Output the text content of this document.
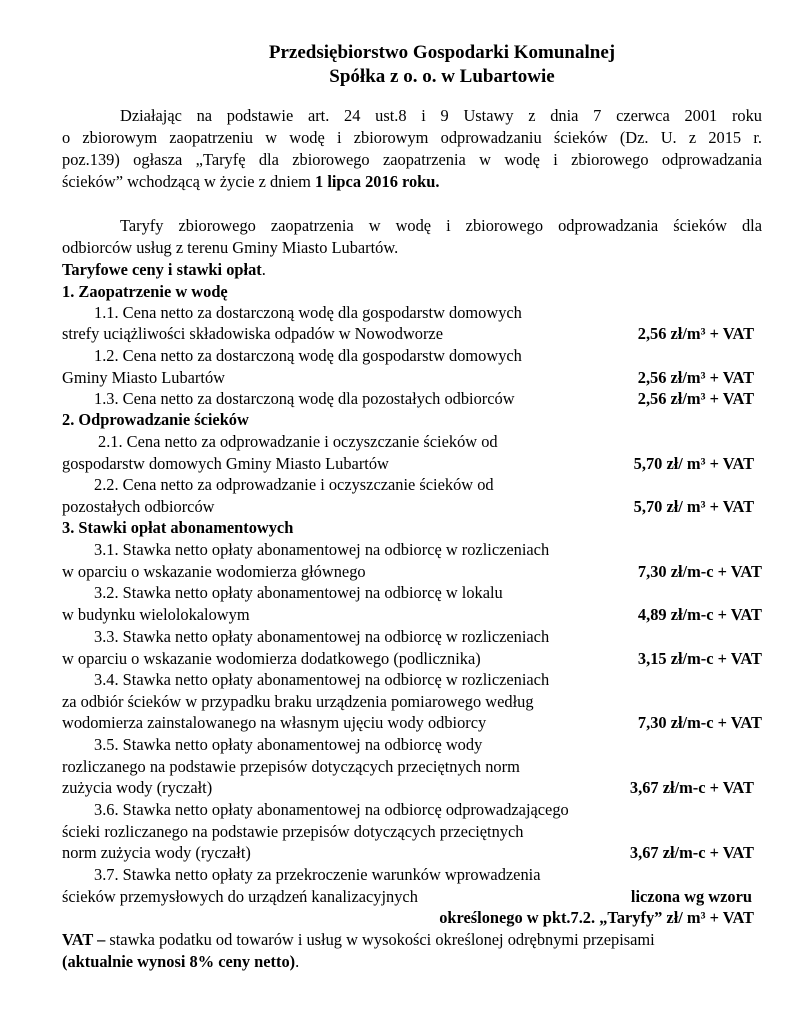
Przedsiębiorstwo Gospodarki Komunalnej
Spółka z o. o. w Lubartowie
Działając na podstawie art. 24 ust.8 i 9 Ustawy z dnia 7 czerwca 2001 roku
o zbiorowym zaopatrzeniu w wodę i zbiorowym odprowadzaniu ścieków (Dz. U. z 2015 r.
poz.139) ogłasza „Taryfę dla zbiorowego zaopatrzenia w wodę i zbiorowego odprowadzania
ścieków” wchodzącą w życie z dniem 1 lipca 2016 roku.
Taryfy zbiorowego zaopatrzenia w wodę i zbiorowego odprowadzania ścieków dla
odbiorców usług z terenu Gminy Miasto Lubartów.
Taryfowe ceny i stawki opłat.
1. Zaopatrzenie w wodę
1.1. Cena netto za dostarczoną wodę dla gospodarstw domowych
strefy uciążliwości składowiska odpadów w Nowodworze	2,56 zł/m³ + VAT
1.2. Cena netto za dostarczoną wodę dla gospodarstw domowych
Gminy Miasto Lubartów	2,56 zł/m³ + VAT
1.3. Cena netto za dostarczoną wodę dla pozostałych odbiorców	2,56 zł/m³ + VAT
2. Odprowadzanie ścieków
2.1. Cena netto za odprowadzanie i oczyszczanie ścieków od
gospodarstw domowych Gminy Miasto Lubartów	5,70 zł/ m³ + VAT
2.2. Cena netto za odprowadzanie i oczyszczanie ścieków od
pozostałych odbiorców	5,70 zł/ m³ + VAT
3. Stawki opłat abonamentowych
3.1. Stawka netto opłaty abonamentowej na odbiorcę w rozliczeniach
w oparciu o wskazanie wodomierza głównego	7,30 zł/m-c + VAT
3.2. Stawka netto opłaty abonamentowej na odbiorcę w lokalu
w budynku wielolokalowym	4,89 zł/m-c + VAT
3.3. Stawka netto opłaty abonamentowej na odbiorcę w rozliczeniach
w oparciu o wskazanie wodomierza dodatkowego (podlicznika)	3,15 zł/m-c + VAT
3.4. Stawka netto opłaty abonamentowej na odbiorcę w rozliczeniach
za odbiór ścieków w przypadku braku urządzenia pomiarowego według
wodomierza zainstalowanego na własnym ujęciu wody odbiorcy	7,30 zł/m-c + VAT
3.5. Stawka netto opłaty abonamentowej na odbiorcę wody
rozliczanego na podstawie przepisów dotyczących przeciętnych norm
zużycia wody (ryczałt)	3,67 zł/m-c + VAT
3.6. Stawka netto opłaty abonamentowej na odbiorcę odprowadzającego
ścieki rozliczanego na podstawie przepisów dotyczących przeciętnych
norm zużycia wody (ryczałt)	3,67 zł/m-c + VAT
3.7. Stawka netto opłaty za przekroczenie warunków wprowadzenia
ścieków przemysłowych do urządzeń kanalizacyjnych	liczona wg wzoru
określonego w pkt.7.2. „Taryfy” zł/ m³ + VAT
VAT – stawka podatku od towarów i usług w wysokości określonej odrębnymi przepisami
(aktualnie wynosi 8% ceny netto).
